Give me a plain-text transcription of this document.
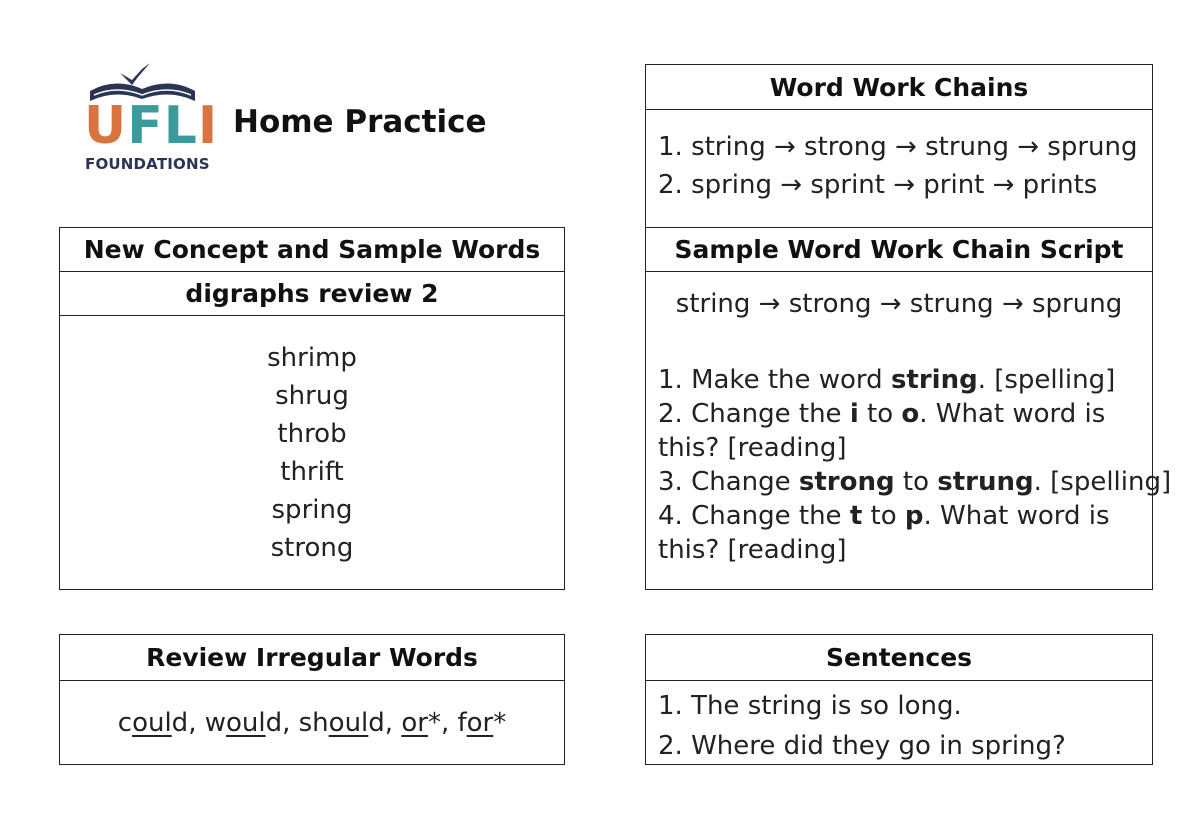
UFLI
FOUNDATIONS
Home Practice
New Concept and Sample Words
digraphs review 2
shrimp
shrug
throb
thrift
spring
strong
Review Irregular Words
could, would, should, or*, for*
Word Work Chains
1. string → strong → strung → sprung
2. spring → sprint → print → prints
Sample Word Work Chain Script
string → strong → strung → sprung
1. Make the word string. [spelling]
2. Change the i to o. What word is
this? [reading]
3. Change strong to strung. [spelling]
4. Change the t to p. What word is
this? [reading]
Sentences
1. The string is so long.
2. Where did they go in spring?
